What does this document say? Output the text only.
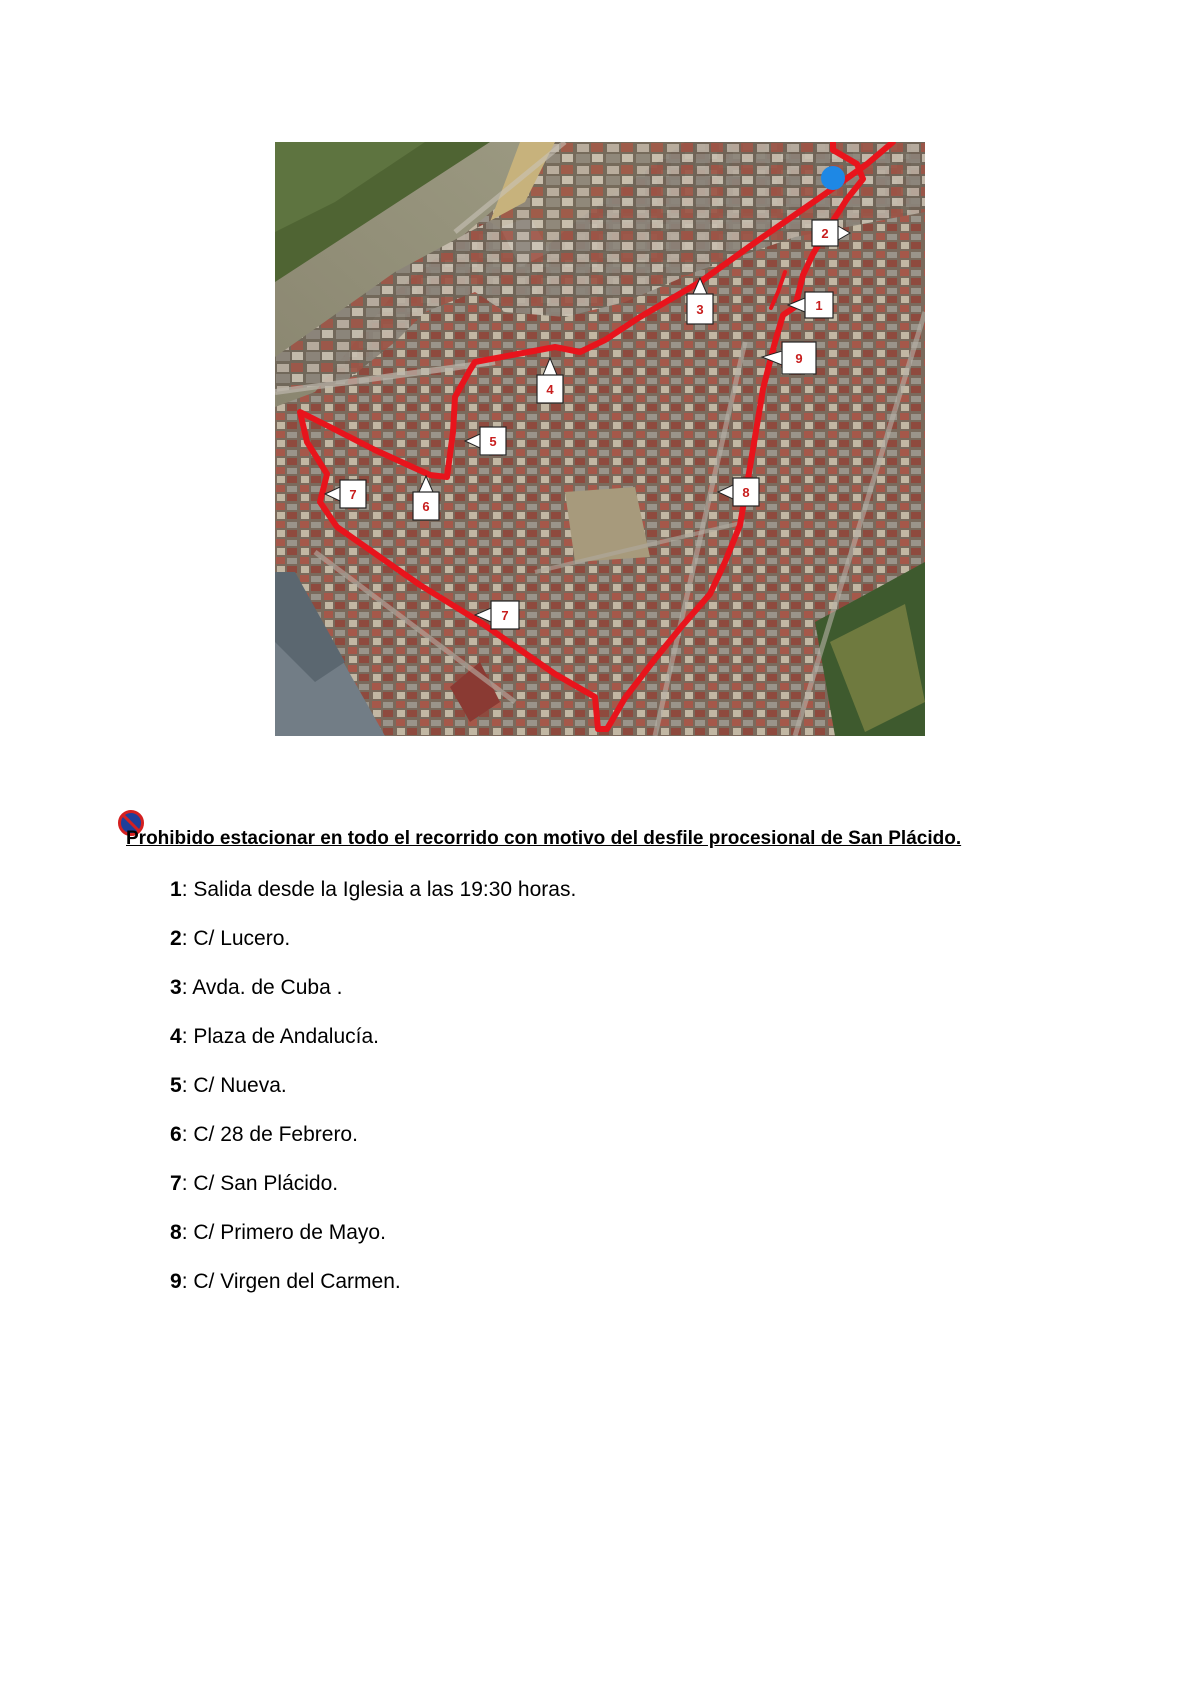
1
2
3
4
5
6
7	8
9
7
Prohibido estacionar en todo el recorrido con motivo del desfile procesional de San Plácido.
1: Salida desde la Iglesia a las 19:30 horas.
2: C/ Lucero.
3: Avda. de Cuba .
4: Plaza de Andalucía.
5: C/ Nueva.
6: C/ 28 de Febrero.
7: C/ San Plácido.
8: C/ Primero de Mayo.
9: C/ Virgen del Carmen.
